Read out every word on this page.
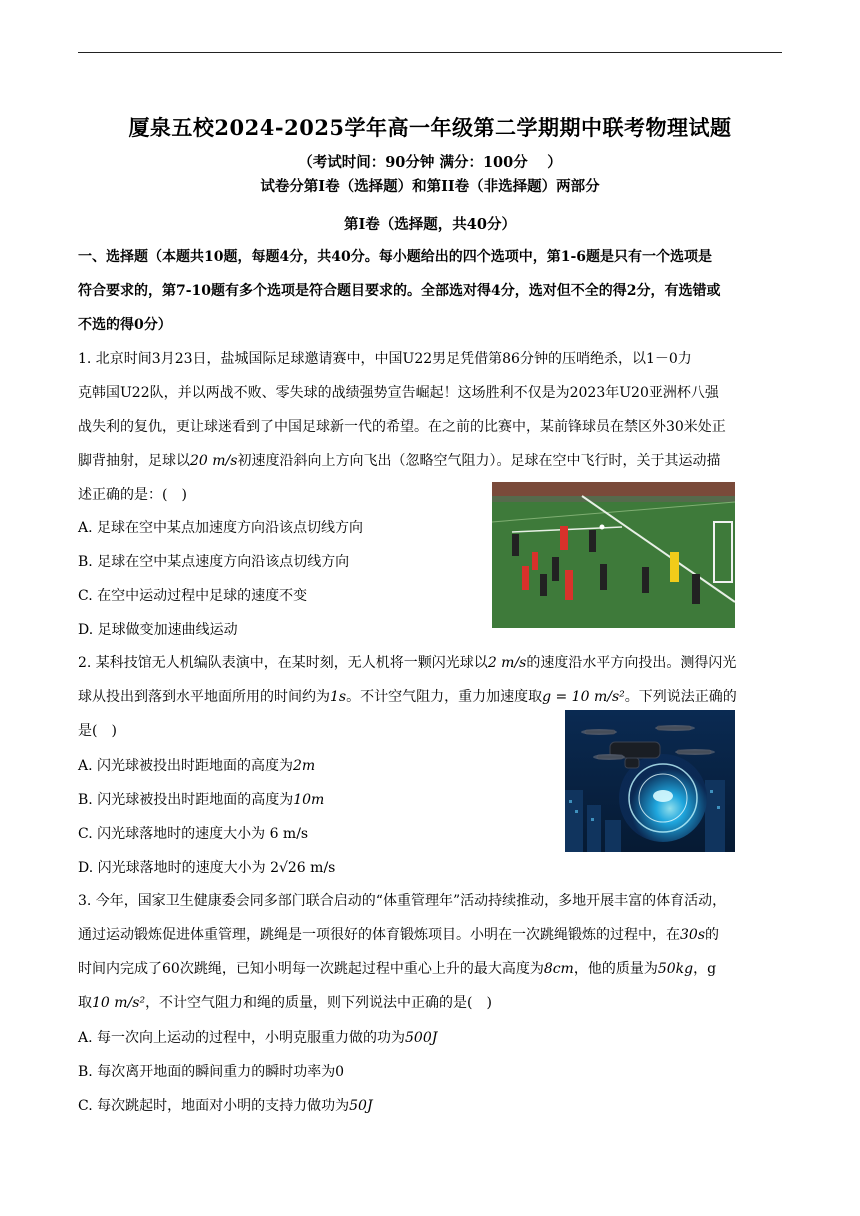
厦泉五校2024-2025学年高一年级第二学期期中联考物理试题
（考试时间：90分钟 满分：100分　 ）
试卷分第Ⅰ卷（选择题）和第II卷（非选择题）两部分
第Ⅰ卷（选择题，共40分）
一、选择题（本题共10题，每题4分，共40分。每小题给出的四个选项中，第1-6题是只有一个选项是
符合要求的，第7-10题有多个选项是符合题目要求的。全部选对得4分，选对但不全的得2分，有选错或
不选的得0分）
1. 北京时间3月23日，盐城国际足球邀请赛中，中国U22男足凭借第86分钟的压哨绝杀，以1－0力
克韩国U22队，并以两战不败、零失球的战绩强势宣告崛起！这场胜利不仅是为2023年U20亚洲杯八强
战失利的复仇，更让球迷看到了中国足球新一代的希望。在之前的比赛中，某前锋球员在禁区外30米处正
脚背抽射，足球以20 m/s初速度沿斜向上方向飞出（忽略空气阻力）。足球在空中飞行时，关于其运动描
述正确的是：(　)
A. 足球在空中某点加速度方向沿该点切线方向
B. 足球在空中某点速度方向沿该点切线方向
C. 在空中运动过程中足球的速度不变
D. 足球做变加速曲线运动
2. 某科技馆无人机编队表演中，在某时刻，无人机将一颗闪光球以2 m/s的速度沿水平方向投出。测得闪光
球从投出到落到水平地面所用的时间约为1s。不计空气阻力，重力加速度取g = 10 m/s²。下列说法正确的
是(　)
A. 闪光球被投出时距地面的高度为2m
B. 闪光球被投出时距地面的高度为10m
C. 闪光球落地时的速度大小为 6 m/s
D. 闪光球落地时的速度大小为 2√26 m/s
3. 今年，国家卫生健康委会同多部门联合启动的“体重管理年”活动持续推动，多地开展丰富的体育活动，
通过运动锻炼促进体重管理，跳绳是一项很好的体育锻炼项目。小明在一次跳绳锻炼的过程中，在30s的
时间内完成了60次跳绳，已知小明每一次跳起过程中重心上升的最大高度为8cm，他的质量为50kg，g
取10 m/s²，不计空气阻力和绳的质量，则下列说法中正确的是(　)
A. 每一次向上运动的过程中，小明克服重力做的功为500J
B. 每次离开地面的瞬间重力的瞬时功率为0
C. 每次跳起时，地面对小明的支持力做功为50J
